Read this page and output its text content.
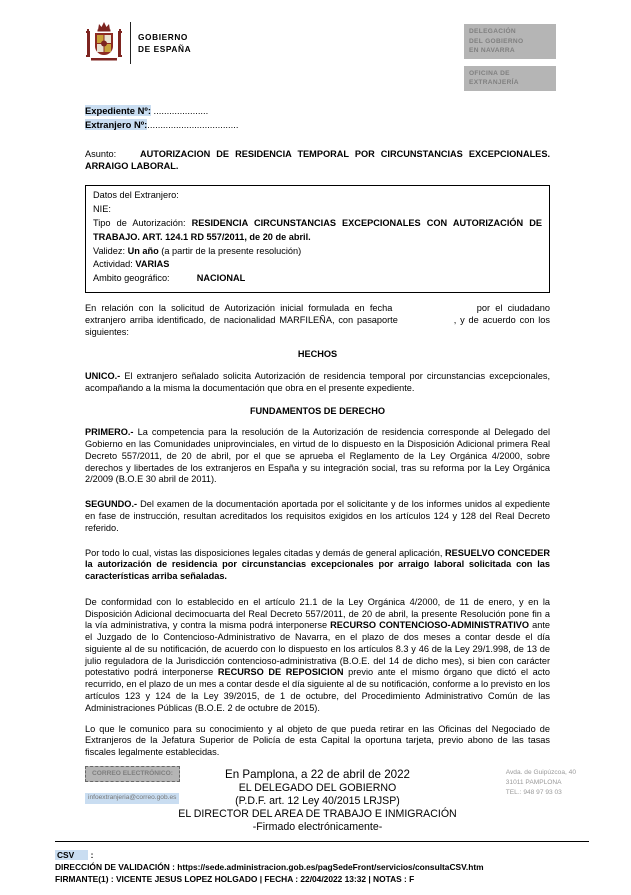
GOBIERNO
DE ESPAÑA
DELEGACIÓN
DEL GOBIERNO
EN NAVARRA
OFICINA DE EXTRANJERÍA
Expediente Nº: .....................
Extranjero Nº:...................................
Asunto:	AUTORIZACION DE RESIDENCIA TEMPORAL POR CIRCUNSTANCIAS EXCEPCIONALES. ARRAIGO LABORAL.
Datos del Extranjero:
NIE:
Tipo de Autorización: RESIDENCIA CIRCUNSTANCIAS EXCEPCIONALES CON AUTORIZACIÓN DE TRABAJO. ART. 124.1 RD 557/2011, de 20 de abril.
Validez: Un año (a partir de la presente resolución)
Actividad: VARIAS
Ambito geográfico:	NACIONAL

En relación con la solicitud de Autorización inicial formulada en fecha	por el ciudadano extranjero arriba identificado, de nacionalidad MARFILEÑA, con pasaporte	, y de acuerdo con los siguientes:

HECHOS

UNICO.- El extranjero señalado solicita Autorización de residencia temporal por circunstancias excepcionales, acompañando a la misma la documentación que obra en el presente expediente.

FUNDAMENTOS DE DERECHO

PRIMERO.- La competencia para la resolución de la Autorización de residencia corresponde al Delegado del Gobierno en las Comunidades uniprovinciales, en virtud de lo dispuesto en la Disposición Adicional primera Real Decreto 557/2011, de 20 de abril, por el que se aprueba el Reglamento de la Ley Orgánica 4/2000, sobre derechos y libertades de los extranjeros en España y su integración social, tras su reforma por la Ley Orgánica 2/2009 (B.O.E 30 abril de 2011).

SEGUNDO.- Del examen de la documentación aportada por el solicitante y de los informes unidos al expediente en fase de instrucción, resultan acreditados los requisitos exigidos en los artículos 124 y 128 del Real Decreto referido.

Por todo lo cual, vistas las disposiciones legales citadas y demás de general aplicación, RESUELVO CONCEDER la autorización de residencia por circunstancias excepcionales por arraigo laboral solicitada con las características arriba señaladas.

De conformidad con lo establecido en el artículo 21.1 de la Ley Orgánica 4/2000, de 11 de enero, y en la Disposición Adicional decimocuarta del Real Decreto 557/2011, de 20 de abril, la presente Resolución pone fin a la vía administrativa, y contra la misma podrá interponerse RECURSO CONTENCIOSO-ADMINISTRATIVO ante el Juzgado de lo Contencioso-Administrativo de Navarra, en el plazo de dos meses a contar desde el día siguiente al de su notificación, de acuerdo con lo dispuesto en los artículos 8.3 y 46 de la Ley 29/1.998, de 13 de julio reguladora de la Jurisdicción contencioso-administrativa (B.O.E. del 14 de dicho mes), si bien con carácter potestativo podrá interponerse RECURSO DE REPOSICION previo ante el mismo órgano que dictó el acto recurrido, en el plazo de un mes a contar desde el día siguiente al de su notificación, conforme a lo previsto en los artículos 123 y 124 de la Ley 39/2015, de 1 de octubre, del Procedimiento Administrativo Común de las Administraciones Públicas (B.O.E. 2 de octubre de 2015).

Lo que le comunico para su conocimiento y al objeto de que pueda retirar en las Oficinas del Negociado de Extranjeros de la Jefatura Superior de Policía de esta Capital la oportuna tarjeta, previo abono de las tasas fiscales legalmente establecidas.

En Pamplona, a 22 de abril de 2022
EL DELEGADO DEL GOBIERNO
(P.D.F. art. 12 Ley 40/2015 LRJSP)
EL DIRECTOR DEL AREA DE TRABAJO E INMIGRACIÓN
-Firmado electrónicamente-
CORREO ELECTRÓNICO:
infoextranjeria@correo.gob.es
Avda. de Guipúzcoa, 40
31011 PAMPLONA
TEL.: 948 97 93 03
CSV :
DIRECCIÓN DE VALIDACIÓN : https://sede.administracion.gob.es/pagSedeFront/servicios/consultaCSV.htm
FIRMANTE(1) : VICENTE JESUS LOPEZ HOLGADO | FECHA : 22/04/2022 13:32 | NOTAS : F
